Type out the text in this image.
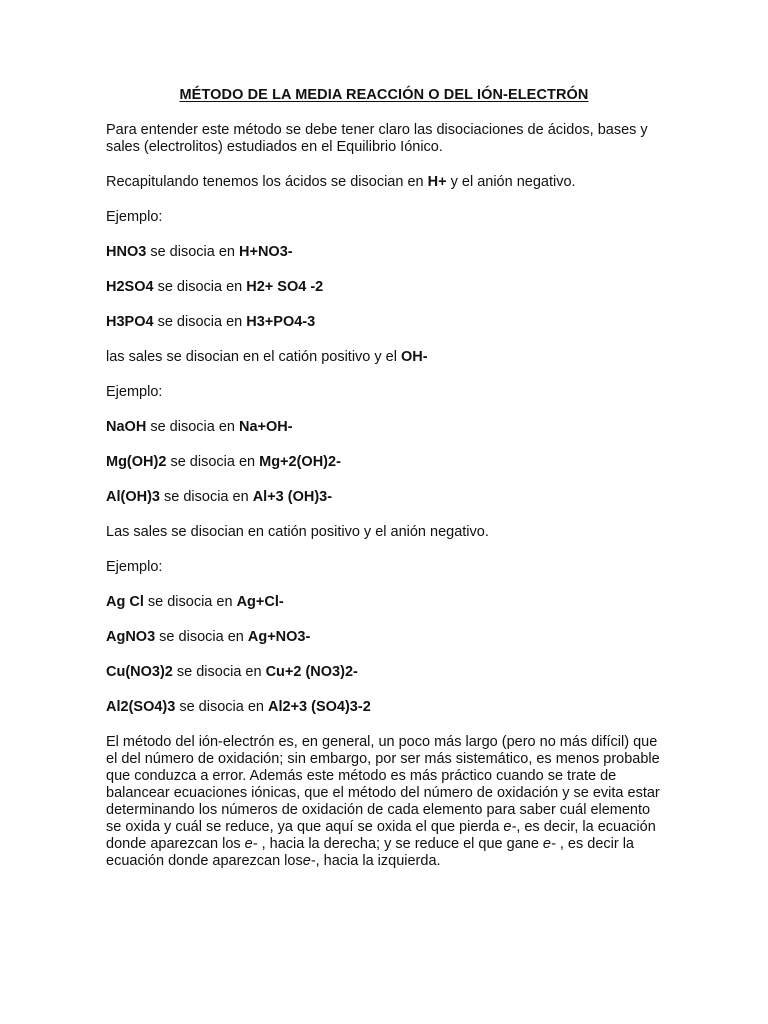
MÉTODO DE LA MEDIA REACCIÓN O DEL IÓN-ELECTRÓN

Para entender este método se debe tener claro las disociaciones de ácidos, bases y sales (electrolitos) estudiados en el Equilibrio Iónico.

Recapitulando tenemos los ácidos se disocian en H+ y el anión negativo.

Ejemplo:

HNO3 se disocia en H+NO3-

H2SO4 se disocia en H2+ SO4 -2

H3PO4 se disocia en H3+PO4-3

las sales se disocian en el catión positivo y el OH-

Ejemplo:

NaOH se disocia en Na+OH-

Mg(OH)2 se disocia en Mg+2(OH)2-

Al(OH)3 se disocia en Al+3 (OH)3-

Las sales se disocian en catión positivo y el anión negativo.

Ejemplo:

Ag Cl se disocia en Ag+Cl-

AgNO3 se disocia en Ag+NO3-

Cu(NO3)2 se disocia en Cu+2 (NO3)2-

Al2(SO4)3 se disocia en Al2+3 (SO4)3-2

El método del ión-electrón es, en general, un poco más largo (pero no más difícil) que el del número de oxidación; sin embargo, por ser más sistemático, es menos probable que conduzca a error. Además este método es más práctico cuando se trate de balancear ecuaciones iónicas, que el método del número de oxidación y se evita estar determinando los números de oxidación de cada elemento para saber cuál elemento se oxida y cuál se reduce, ya que aquí se oxida el que pierda e-, es decir, la ecuación donde aparezcan los e- , hacia la derecha; y se reduce el que gane e- , es decir la ecuación donde aparezcan lose-, hacia la izquierda.
